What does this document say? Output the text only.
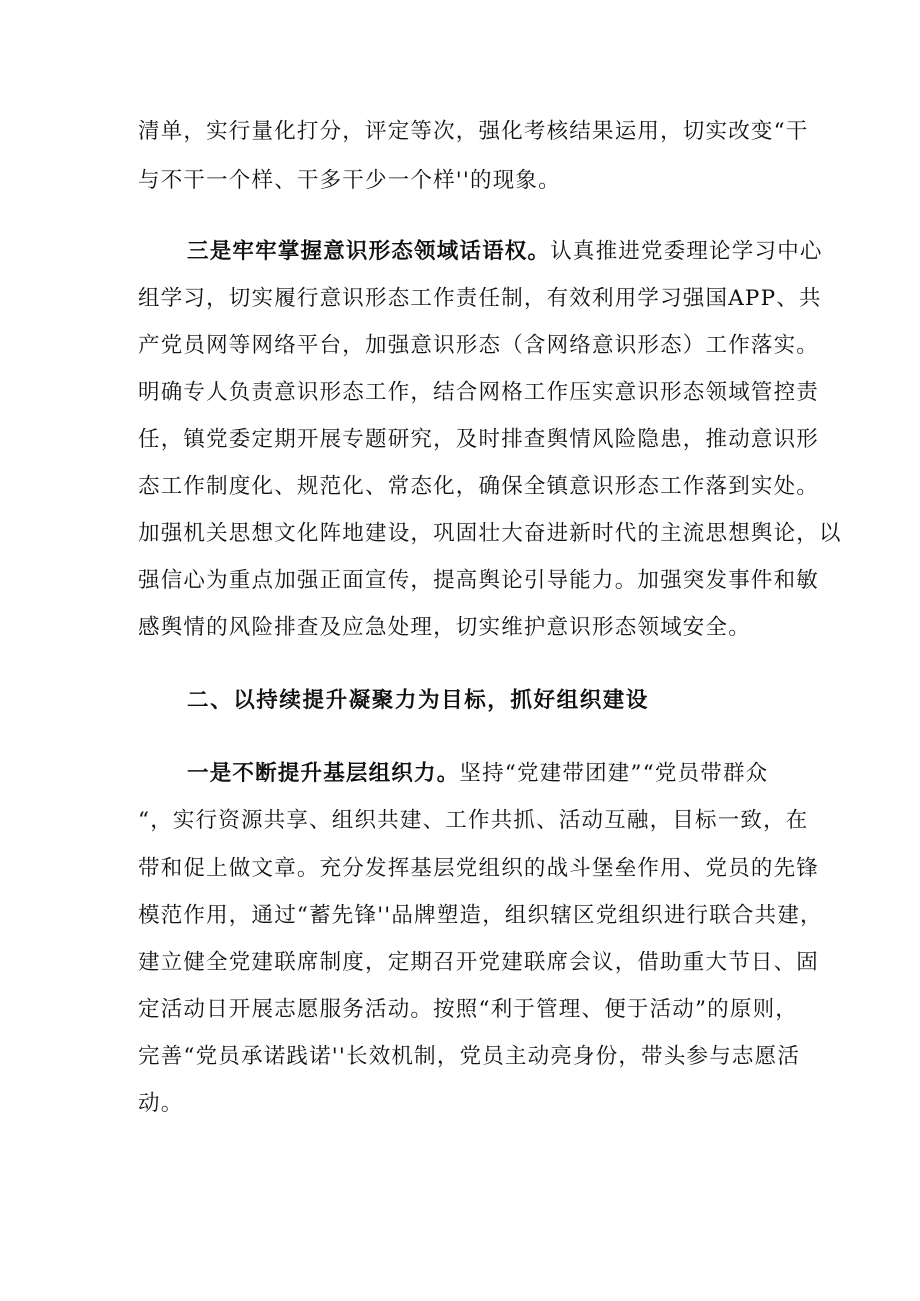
清单，实行量化打分，评定等次，强化考核结果运用，切实改变“干
与不干一个样、干多干少一个样''的现象。
三是牢牢掌握意识形态领域话语权。认真推进党委理论学习中心
组学习，切实履行意识形态工作责任制，有效利用学习强国APP、共
产党员网等网络平台，加强意识形态（含网络意识形态）工作落实。
明确专人负责意识形态工作，结合网格工作压实意识形态领域管控责
任，镇党委定期开展专题研究，及时排查舆情风险隐患，推动意识形
态工作制度化、规范化、常态化，确保全镇意识形态工作落到实处。
加强机关思想文化阵地建设，巩固壮大奋进新时代的主流思想舆论，以
强信心为重点加强正面宣传，提高舆论引导能力。加强突发事件和敏
感舆情的风险排查及应急处理，切实维护意识形态领域安全。
二、以持续提升凝聚力为目标，抓好组织建设
一是不断提升基层组织力。坚持“党建带团建”“党员带群众
“，实行资源共享、组织共建、工作共抓、活动互融，目标一致，在
带和促上做文章。充分发挥基层党组织的战斗堡垒作用、党员的先锋
模范作用，通过“蓄先锋''品牌塑造，组织辖区党组织进行联合共建，
建立健全党建联席制度，定期召开党建联席会议，借助重大节日、固
定活动日开展志愿服务活动。按照“利于管理、便于活动”的原则，
完善“党员承诺践诺''长效机制，党员主动亮身份，带头参与志愿活
动。
